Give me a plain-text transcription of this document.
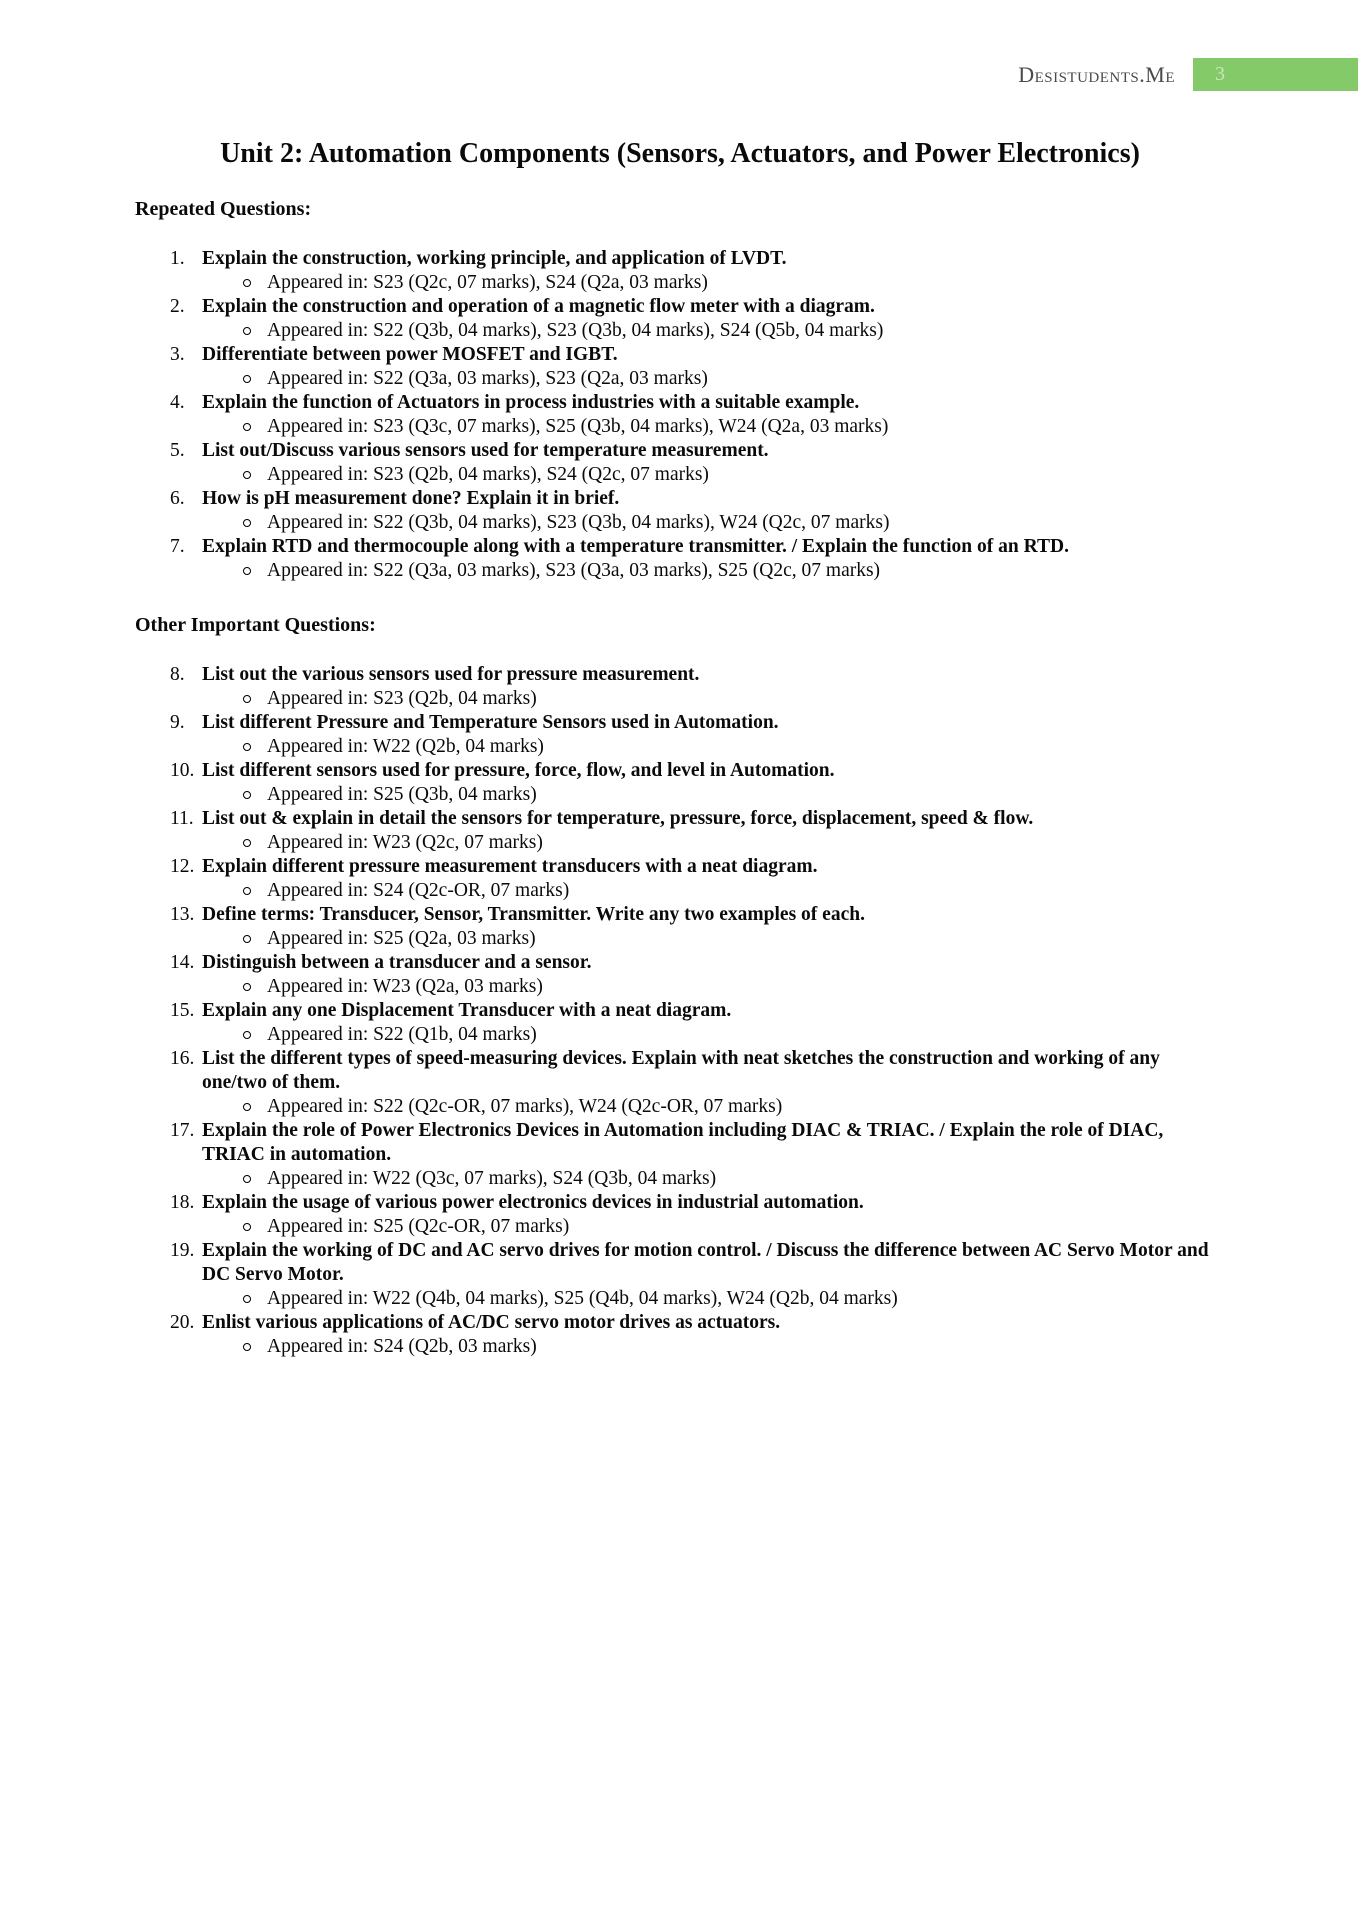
Desistudents.Me	3
Unit 2: Automation Components (Sensors, Actuators, and Power Electronics)
Repeated Questions:
1. Explain the construction, working principle, and application of LVDT.
Appeared in: S23 (Q2c, 07 marks), S24 (Q2a, 03 marks)
2. Explain the construction and operation of a magnetic flow meter with a diagram.
Appeared in: S22 (Q3b, 04 marks), S23 (Q3b, 04 marks), S24 (Q5b, 04 marks)
3. Differentiate between power MOSFET and IGBT.
Appeared in: S22 (Q3a, 03 marks), S23 (Q2a, 03 marks)
4. Explain the function of Actuators in process industries with a suitable example.
Appeared in: S23 (Q3c, 07 marks), S25 (Q3b, 04 marks), W24 (Q2a, 03 marks)
5. List out/Discuss various sensors used for temperature measurement.
Appeared in: S23 (Q2b, 04 marks), S24 (Q2c, 07 marks)
6. How is pH measurement done? Explain it in brief.
Appeared in: S22 (Q3b, 04 marks), S23 (Q3b, 04 marks), W24 (Q2c, 07 marks)
7. Explain RTD and thermocouple along with a temperature transmitter. / Explain the function of an RTD.
Appeared in: S22 (Q3a, 03 marks), S23 (Q3a, 03 marks), S25 (Q2c, 07 marks)
Other Important Questions:
8. List out the various sensors used for pressure measurement.
Appeared in: S23 (Q2b, 04 marks)
9. List different Pressure and Temperature Sensors used in Automation.
Appeared in: W22 (Q2b, 04 marks)
10. List different sensors used for pressure, force, flow, and level in Automation.
Appeared in: S25 (Q3b, 04 marks)
11. List out & explain in detail the sensors for temperature, pressure, force, displacement, speed & flow.
Appeared in: W23 (Q2c, 07 marks)
12. Explain different pressure measurement transducers with a neat diagram.
Appeared in: S24 (Q2c-OR, 07 marks)
13. Define terms: Transducer, Sensor, Transmitter. Write any two examples of each.
Appeared in: S25 (Q2a, 03 marks)
14. Distinguish between a transducer and a sensor.
Appeared in: W23 (Q2a, 03 marks)
15. Explain any one Displacement Transducer with a neat diagram.
Appeared in: S22 (Q1b, 04 marks)
16. List the different types of speed-measuring devices. Explain with neat sketches the construction and working of any one/two of them.
Appeared in: S22 (Q2c-OR, 07 marks), W24 (Q2c-OR, 07 marks)
17. Explain the role of Power Electronics Devices in Automation including DIAC & TRIAC. / Explain the role of DIAC, TRIAC in automation.
Appeared in: W22 (Q3c, 07 marks), S24 (Q3b, 04 marks)
18. Explain the usage of various power electronics devices in industrial automation.
Appeared in: S25 (Q2c-OR, 07 marks)
19. Explain the working of DC and AC servo drives for motion control. / Discuss the difference between AC Servo Motor and DC Servo Motor.
Appeared in: W22 (Q4b, 04 marks), S25 (Q4b, 04 marks), W24 (Q2b, 04 marks)
20. Enlist various applications of AC/DC servo motor drives as actuators.
Appeared in: S24 (Q2b, 03 marks)
